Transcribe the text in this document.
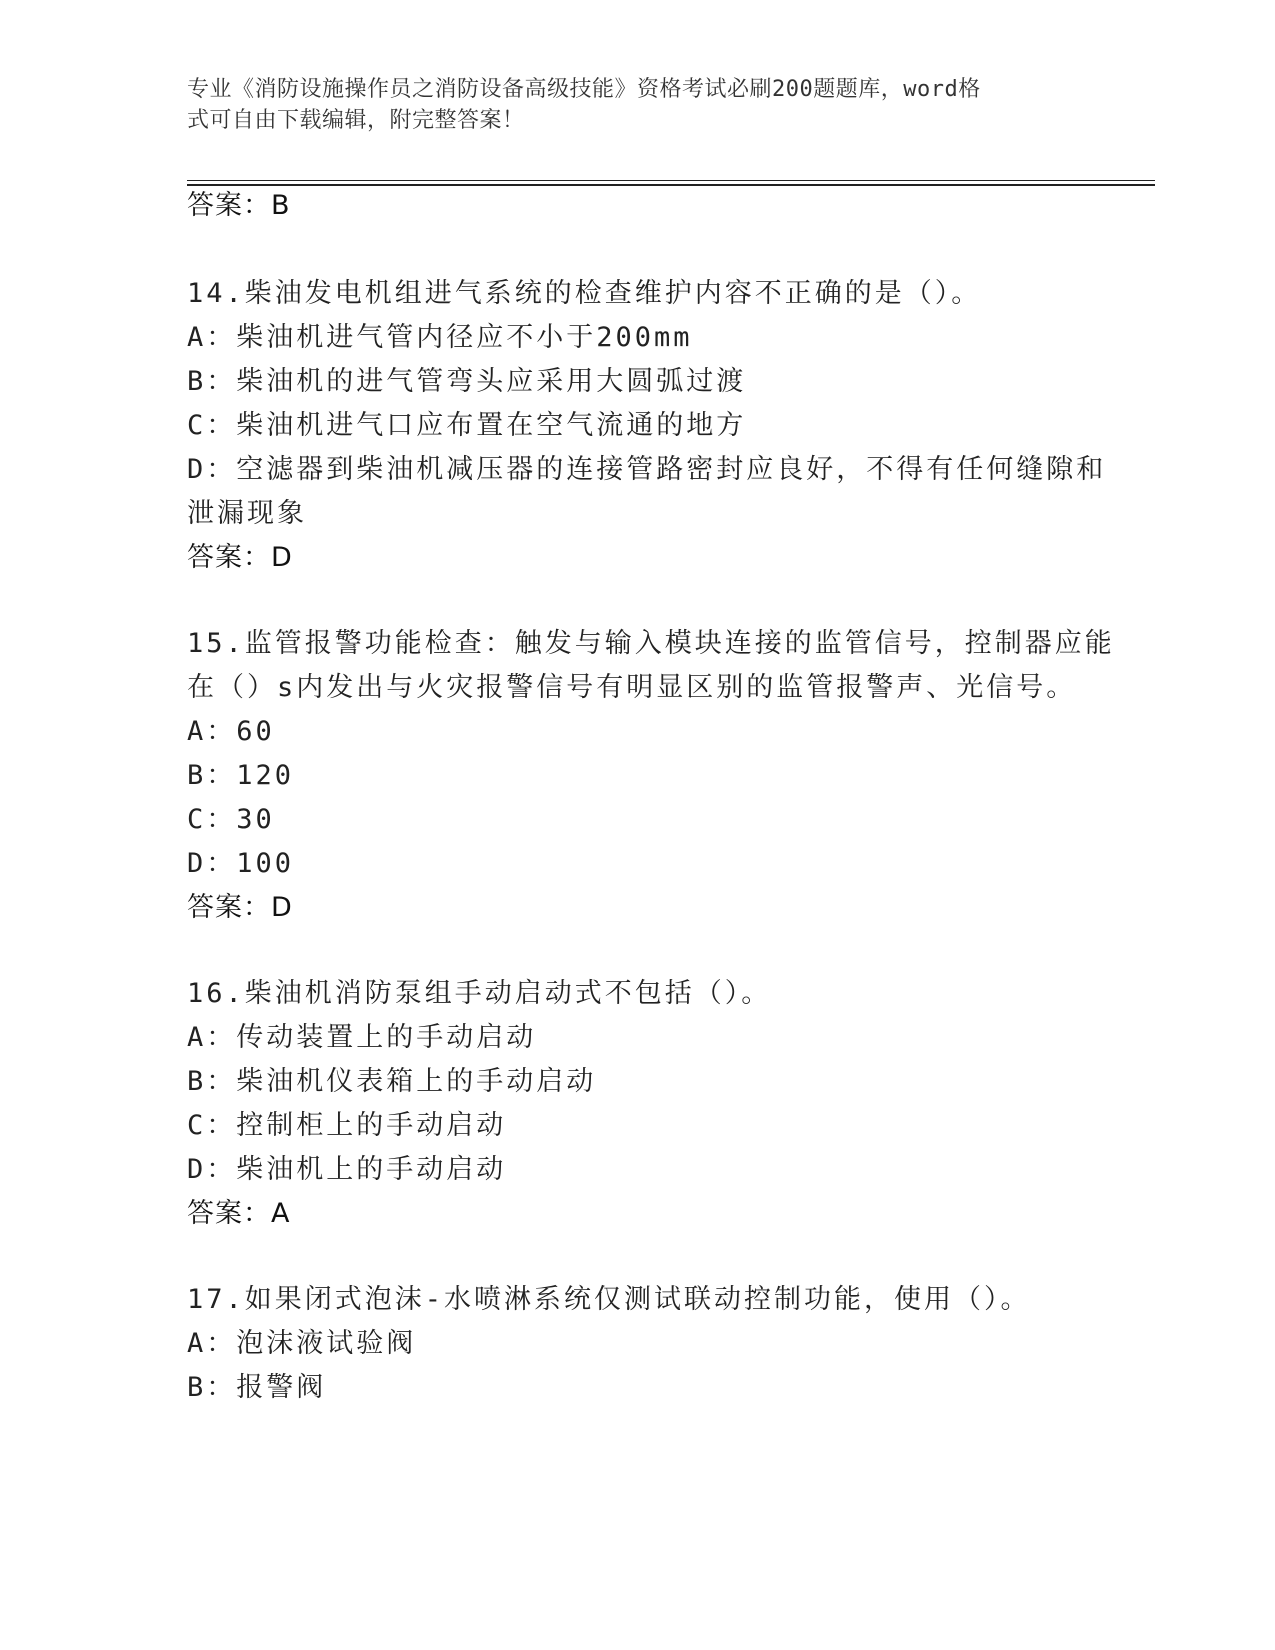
专业《消防设施操作员之消防设备高级技能》资格考试必刷200题题库，word格
式可自由下载编辑，附完整答案！
答案：B
14.柴油发电机组进气系统的检查维护内容不正确的是（）。
A：柴油机进气管内径应不小于200mm
B：柴油机的进气管弯头应采用大圆弧过渡
C：柴油机进气口应布置在空气流通的地方
D：空滤器到柴油机减压器的连接管路密封应良好，不得有任何缝隙和
泄漏现象
答案：D
15.监管报警功能检查：触发与输入模块连接的监管信号，控制器应能
在（）s内发出与火灾报警信号有明显区别的监管报警声、光信号。
A：60
B：120
C：30
D：100
答案：D
16.柴油机消防泵组手动启动式不包括（）。
A：传动装置上的手动启动
B：柴油机仪表箱上的手动启动
C：控制柜上的手动启动
D：柴油机上的手动启动
答案：A
17.如果闭式泡沫-水喷淋系统仅测试联动控制功能，使用（）。
A：泡沫液试验阀
B：报警阀
